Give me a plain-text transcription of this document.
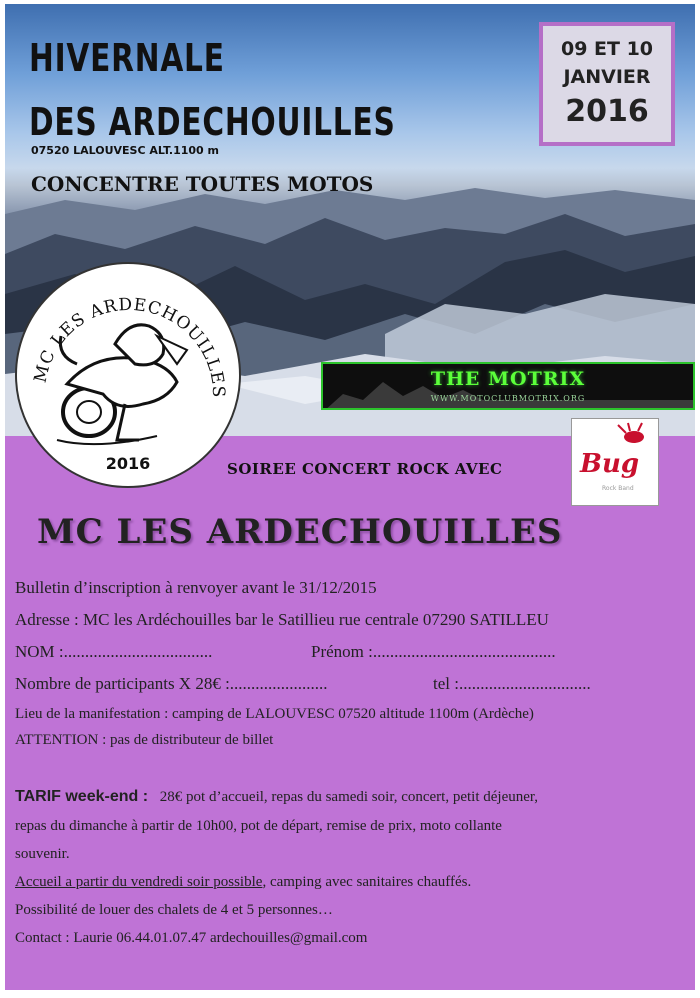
HIVERNALE
DES ARDECHOUILLES
07520 LALOUVESC ALT.1100 m
CONCENTRE TOUTES MOTOS
09 ET 10
JANVIER
2016
THE MOTRIX
WWW.MOTOCLUBMOTRIX.ORG
MC LES ARDECHOUILLES
2016	Bug
Rock Band
SOIREE CONCERT ROCK AVEC
MC LES ARDECHOUILLES
Bulletin d’inscription à renvoyer avant le 31/12/2015
Adresse : MC les Ardéchouilles bar le Satillieu rue centrale 07290 SATILLEU
NOM :...................................	Prénom :...........................................
Nombre de participants X 28€ :.......................	tel :...............................
Lieu de la manifestation : camping de LALOUVESC 07520 altitude 1100m (Ardèche)
ATTENTION : pas de distributeur de billet
TARIF week-end : 28€ pot d’accueil, repas du samedi soir, concert, petit déjeuner,
repas du dimanche à partir de 10h00, pot de départ, remise de prix, moto collante
souvenir.
Accueil a partir du vendredi soir possible, camping avec sanitaires chauffés.
Possibilité de louer des chalets de 4 et 5 personnes…
Contact : Laurie 06.44.01.07.47 ardechouilles@gmail.com
